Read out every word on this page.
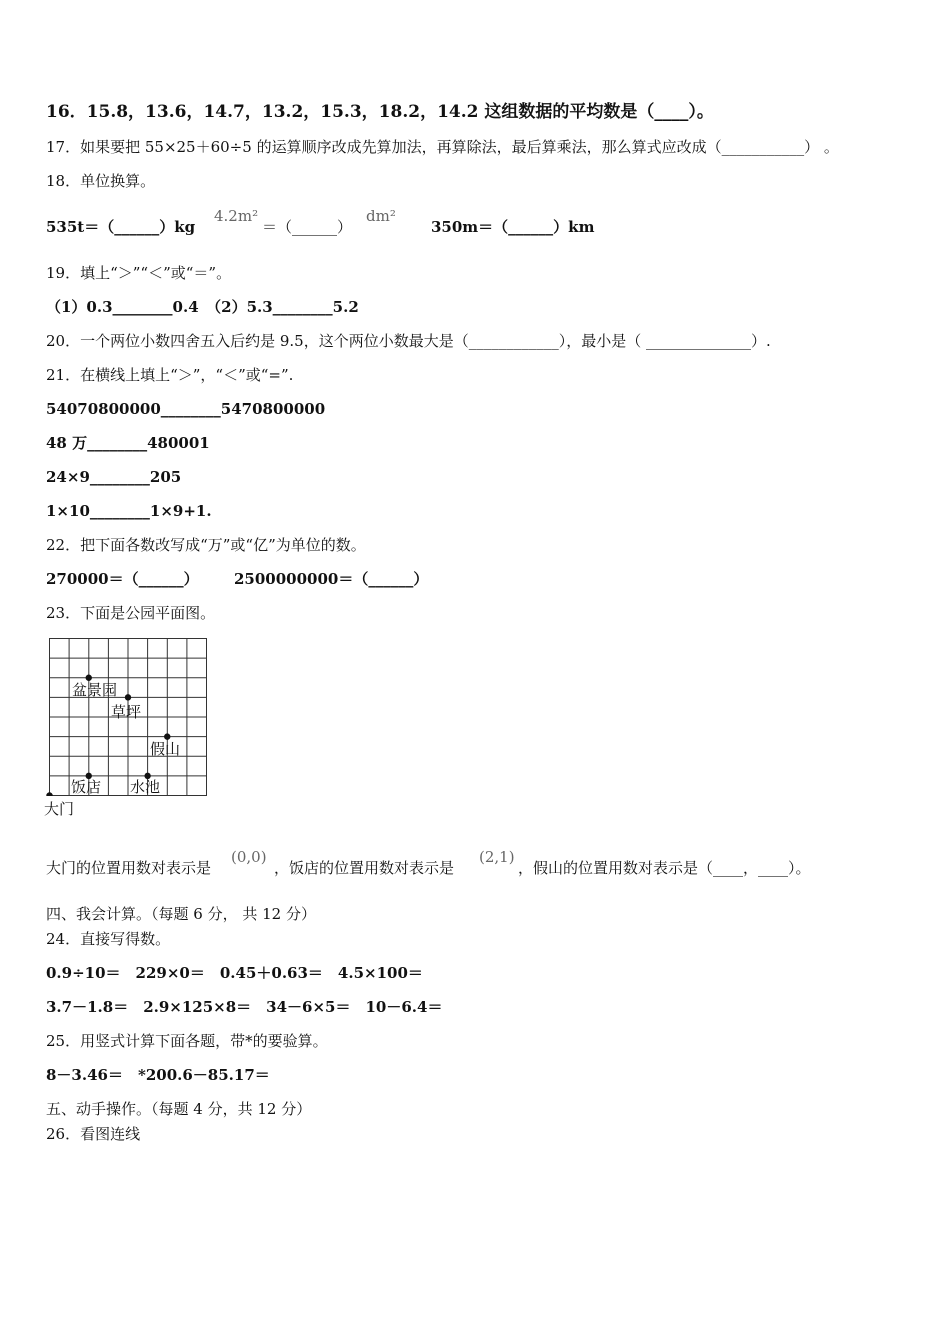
16．15.8，13.6，14.7，13.2，15.3，18.2，14.2 这组数据的平均数是（____）。
17．如果要把 55×25＋60÷5 的运算顺序改成先算加法，再算除法，最后算乘法，那么算式应改成（___________） 。
18．单位换算。
535t＝（______）kg
4.2m²
＝（______）
dm²
350m＝（______）km
19．填上“＞”“＜”或“＝”。
（1）0.3________0.4　（2）5.3________5.2
20．一个两位小数四舍五入后约是 9.5，这个两位小数最大是（____________），最小是（ ______________）.
21．在横线上填上“＞”，“＜”或“=”.
54070800000________5470800000
48 万________480001
24×9________205
1×10________1×9+1.
22．把下面各数改写成“万”或“亿”为单位的数。
270000＝（______） 2500000000＝（______）
23．下面是公园平面图。
盆景园
草坪
假山
饭店 水池
大门
大门的位置用数对表示是
(0,0)
，饭店的位置用数对表示是
(2,1)
，假山的位置用数对表示是（____，____）。
四、我会计算。（每题 6 分， 共 12 分）
24．直接写得数。
0.9÷10＝　229×0＝　0.45＋0.63＝　4.5×100＝
3.7－1.8＝　2.9×125×8＝　34－6×5＝　10－6.4＝
25．用竖式计算下面各题，带*的要验算。
8－3.46＝　*200.6－85.17＝
五、动手操作。（每题 4 分，共 12 分）
26．看图连线
